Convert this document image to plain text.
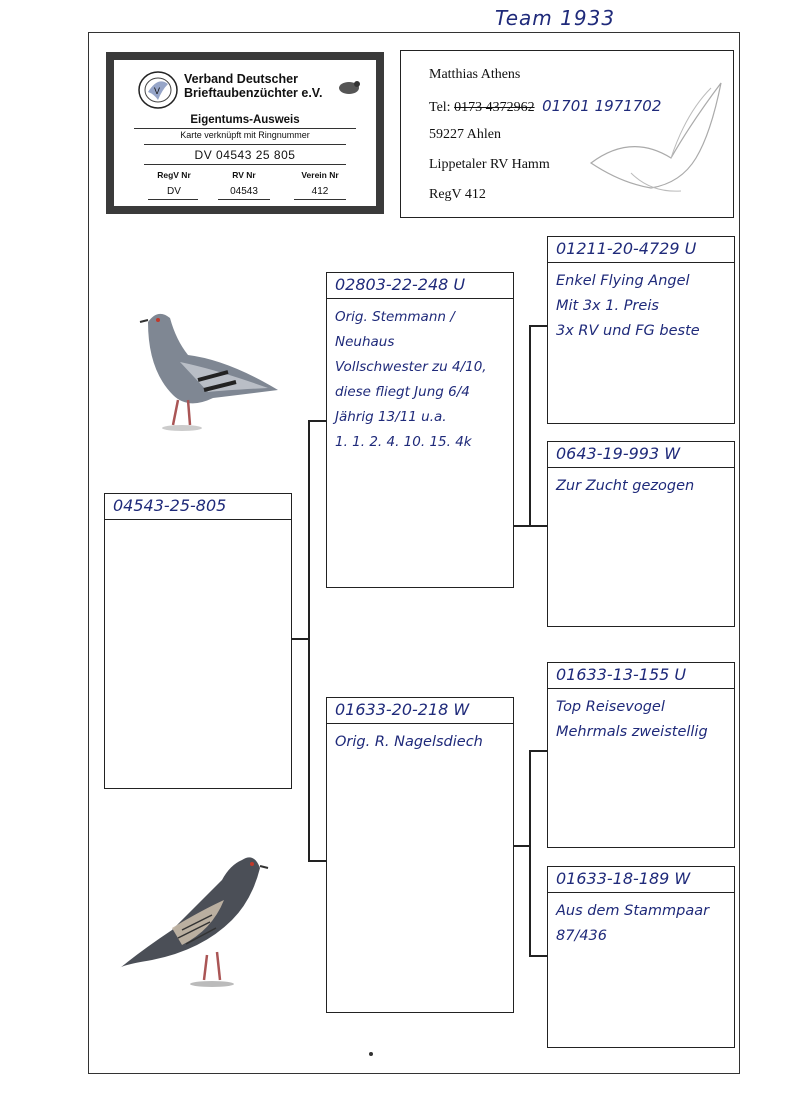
Team 1933
V
Verband Deutscher
Brieftaubenzüchter e.V.
Eigentums-Ausweis
Karte verknüpft mit Ringnummer
DV 04543 25 805
RegV Nr	RV Nr	Verein Nr
DV	04543	412
Matthias Athens
Tel: 0173 4372962 01701 1971702
59227 Ahlen
Lippetaler RV Hamm
RegV 412
04543-25-805
02803-22-248 U
Orig. Stemmann / Neuhaus
Vollschwester zu 4/10,
diese fliegt Jung 6/4
Jährig 13/11 u.a.
1. 1. 2. 4. 10. 15. 4k
01633-20-218 W
Orig. R. Nagelsdiech
01211-20-4729 U
Enkel Flying Angel
Mit 3x 1. Preis
3x RV und FG beste
0643-19-993 W
Zur Zucht gezogen
01633-13-155 U
Top Reisevogel
Mehrmals zweistellig
01633-18-189 W
Aus dem Stammpaar
87/436
